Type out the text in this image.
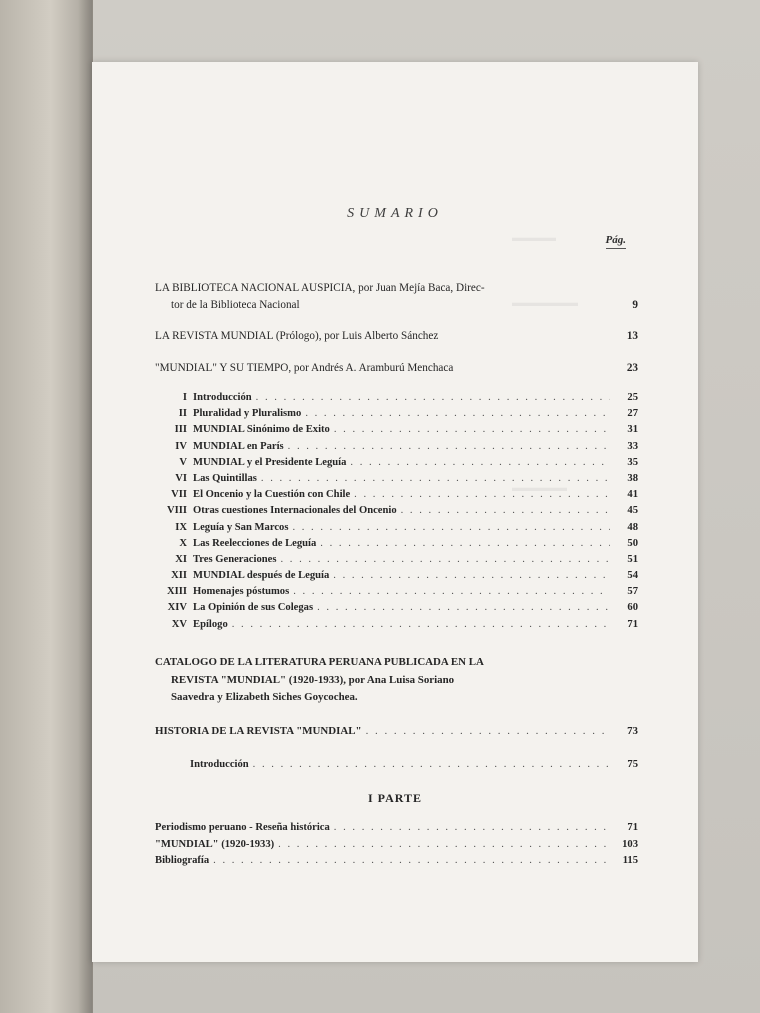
▬▬▬▬
▬▬▬▬▬▬
▬▬▬▬▬
SUMARIO
Pág.
LA BIBLIOTECA NACIONAL AUSPICIA, por Juan Mejía Baca, Direc-
tor de la Biblioteca Nacional	9
LA REVISTA MUNDIAL (Prólogo), por Luis Alberto Sánchez	13
"MUNDIAL" Y SU TIEMPO, por Andrés A. Aramburú Menchaca	23
I Introducción . . .	25
II Pluralidad y Pluralismo . . .	27
III MUNDIAL Sinónimo de Exito . . .	31
IV MUNDIAL en París . . .	33
V MUNDIAL y el Presidente Leguía . . .	35
VI Las Quintillas . . .	38
VII El Oncenio y la Cuestión con Chile . . .	41
VIII Otras cuestiones Internacionales del Oncenio . . .	45
IX Leguía y San Marcos . . .	48
X Las Reelecciones de Leguía . . .	50
XI Tres Generaciones . . .	51
XII MUNDIAL después de Leguía . . .	54
XIII Homenajes póstumos . . .	57
XIV La Opinión de sus Colegas . . .	60
XV Epílogo . . .	71
CATALOGO DE LA LITERATURA PERUANA PUBLICADA EN LA
REVISTA "MUNDIAL" (1920-1933), por Ana Luisa Soriano
Saavedra y Elizabeth Siches Goycochea.
HISTORIA DE LA REVISTA "MUNDIAL" . . .	73
Introducción . . .	75
I PARTE
Periodismo peruano - Reseña histórica . . .	71
"MUNDIAL" (1920-1933) . . .	103
Bibliografía . . .	115
